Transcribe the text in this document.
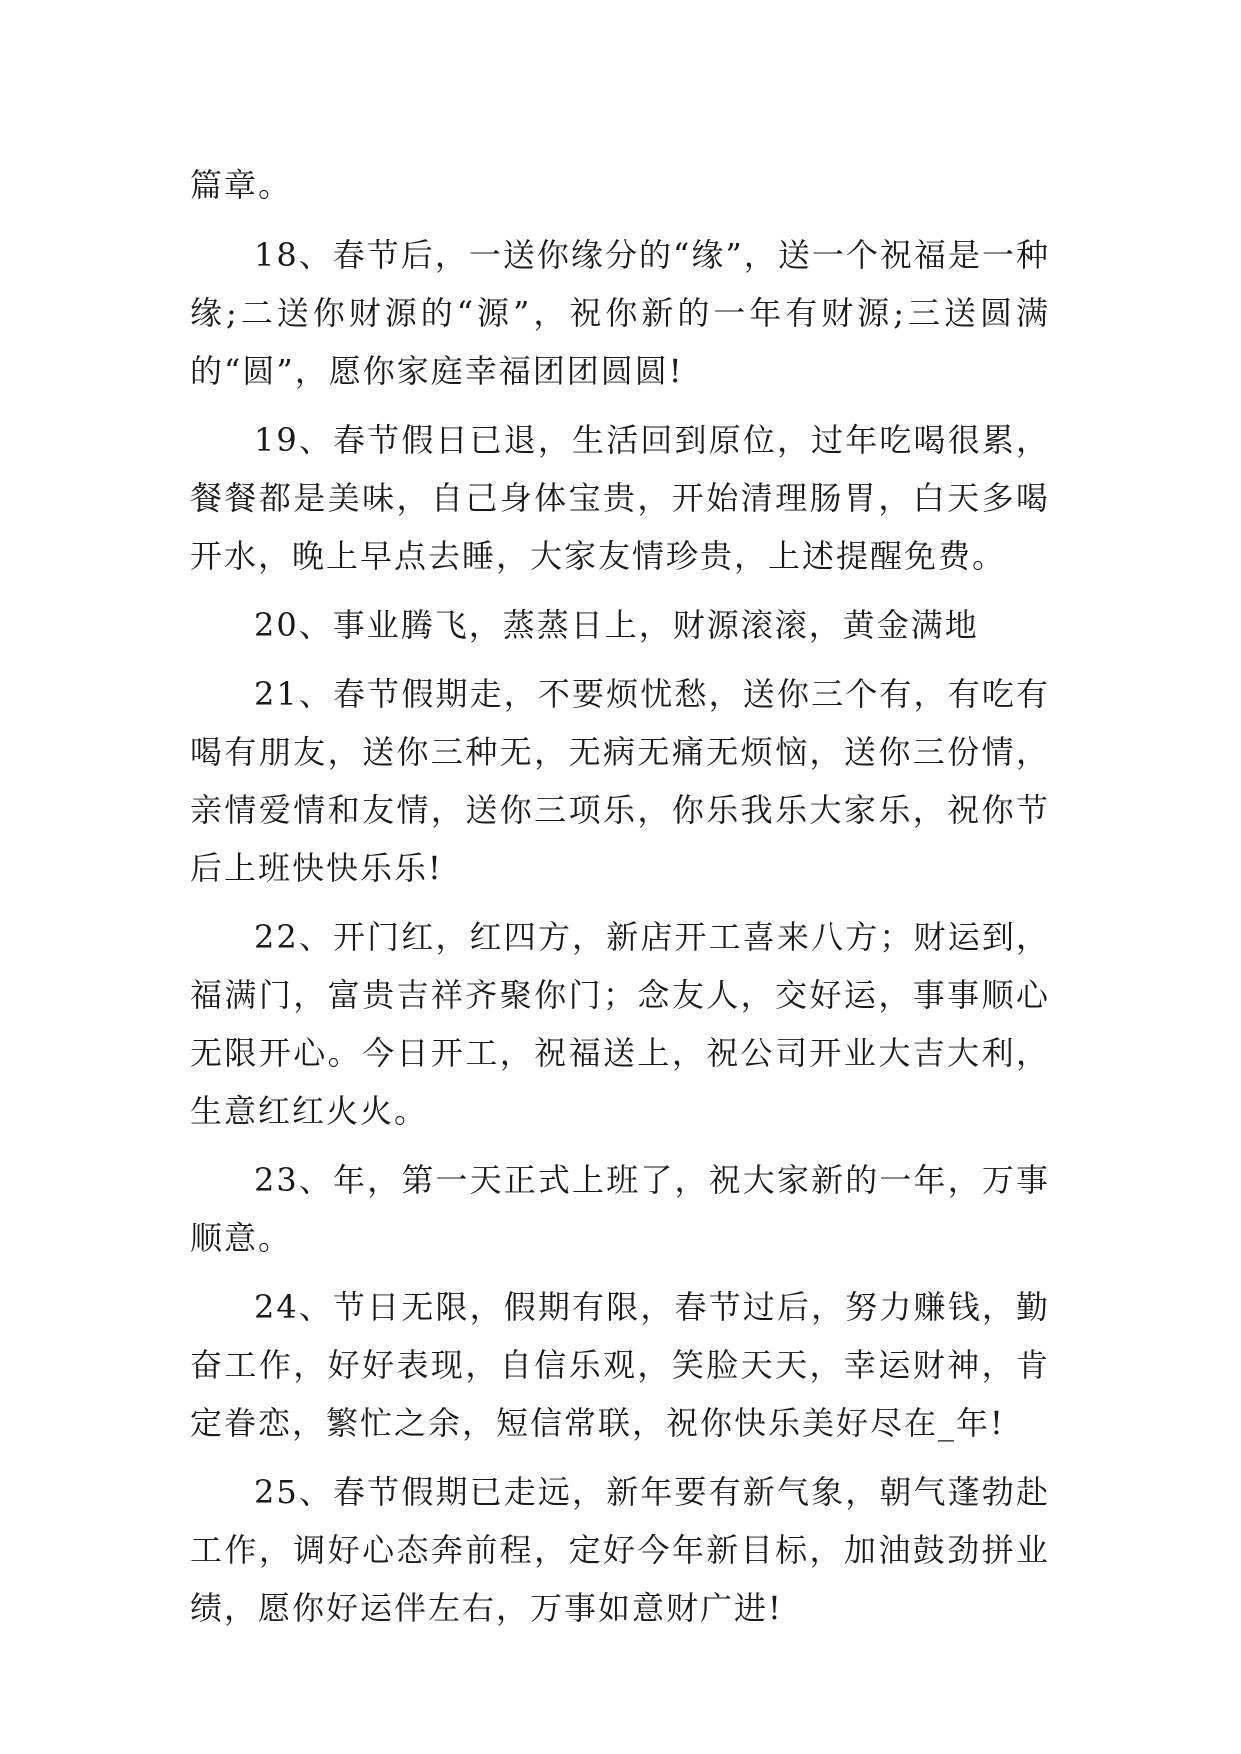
篇章。

18、春节后，一送你缘分的“缘”，送一个祝福是一种缘;二送你财源的“源”，祝你新的一年有财源;三送圆满的“圆”，愿你家庭幸福团团圆圆!

19、春节假日已退，生活回到原位，过年吃喝很累，餐餐都是美味，自己身体宝贵，开始清理肠胃，白天多喝开水，晚上早点去睡，大家友情珍贵，上述提醒免费。

20、事业腾飞，蒸蒸日上，财源滚滚，黄金满地

21、春节假期走，不要烦忧愁，送你三个有，有吃有喝有朋友，送你三种无，无病无痛无烦恼，送你三份情，亲情爱情和友情，送你三项乐，你乐我乐大家乐，祝你节后上班快快乐乐!

22、开门红，红四方，新店开工喜来八方；财运到，福满门，富贵吉祥齐聚你门；念友人，交好运，事事顺心无限开心。今日开工，祝福送上，祝公司开业大吉大利，生意红红火火。

23、年，第一天正式上班了，祝大家新的一年，万事顺意。

24、节日无限，假期有限，春节过后，努力赚钱，勤奋工作，好好表现，自信乐观，笑脸天天，幸运财神，肯定眷恋，繁忙之余，短信常联，祝你快乐美好尽在_年!

25、春节假期已走远，新年要有新气象，朝气蓬勃赴工作，调好心态奔前程，定好今年新目标，加油鼓劲拼业绩，愿你好运伴左右，万事如意财广进!
